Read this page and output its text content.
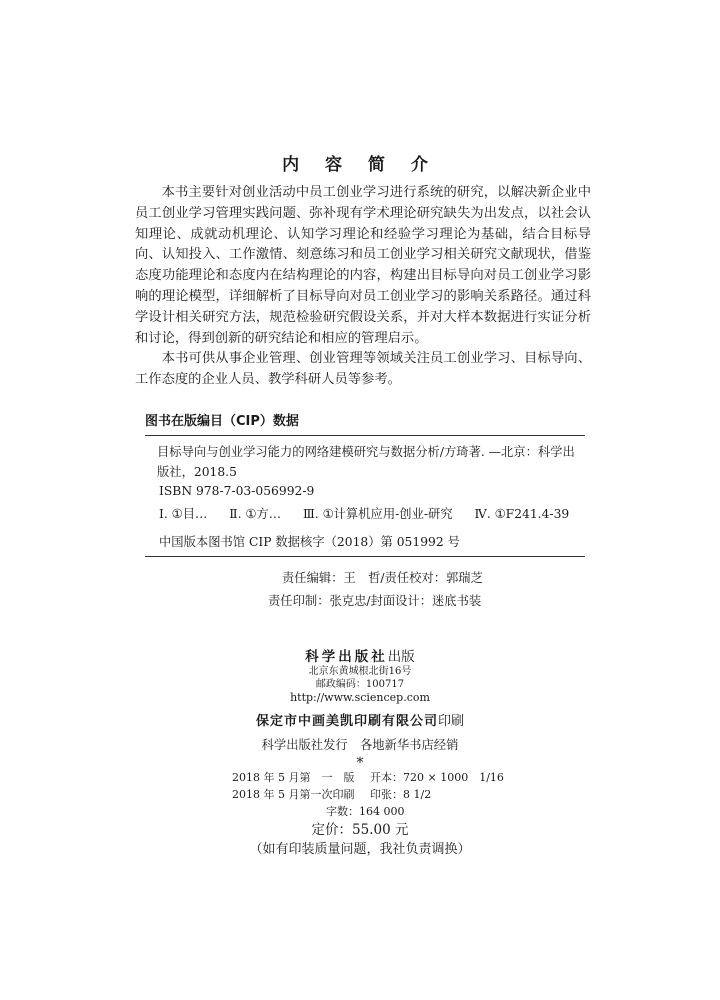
内 容 简 介

本书主要针对创业活动中员工创业学习进行系统的研究，以解决新企业中员工创业学习管理实践问题、弥补现有学术理论研究缺失为出发点，以社会认知理论、成就动机理论、认知学习理论和经验学习理论为基础，结合目标导向、认知投入、工作激情、刻意练习和员工创业学习相关研究文献现状，借鉴态度功能理论和态度内在结构理论的内容，构建出目标导向对员工创业学习影响的理论模型，详细解析了目标导向对员工创业学习的影响关系路径。通过科学设计相关研究方法，规范检验研究假设关系，并对大样本数据进行实证分析和讨论，得到创新的研究结论和相应的管理启示。

本书可供从事企业管理、创业管理等领域关注员工创业学习、目标导向、工作态度的企业人员、教学科研人员等参考。

图书在版编目（CIP）数据

目标导向与创业学习能力的网络建模研究与数据分析/方琦著. —北京：科学出版社，2018.5

ISBN 978-7-03-056992-9

Ⅰ. ①目… Ⅱ. ①方… Ⅲ. ①计算机应用-创业-研究 Ⅳ. ①F241.4-39

中国版本图书馆 CIP 数据核字（2018）第 051992 号

责任编辑：王　哲/责任校对：郭瑞芝
责任印制：张克忠/封面设计：迷底书装
科学出版社出版
北京东黄城根北街16号
邮政编码：100717
http://www.sciencep.com
保定市中画美凯印刷有限公司印刷
科学出版社发行　各地新华书店经销
*
2018 年 5 月第　一　版 开本：720 × 1000　1/16
2018 年 5 月第一次印刷 印张：8 1/2
字数：164 000
定价：55.00 元
（如有印装质量问题，我社负责调换）
